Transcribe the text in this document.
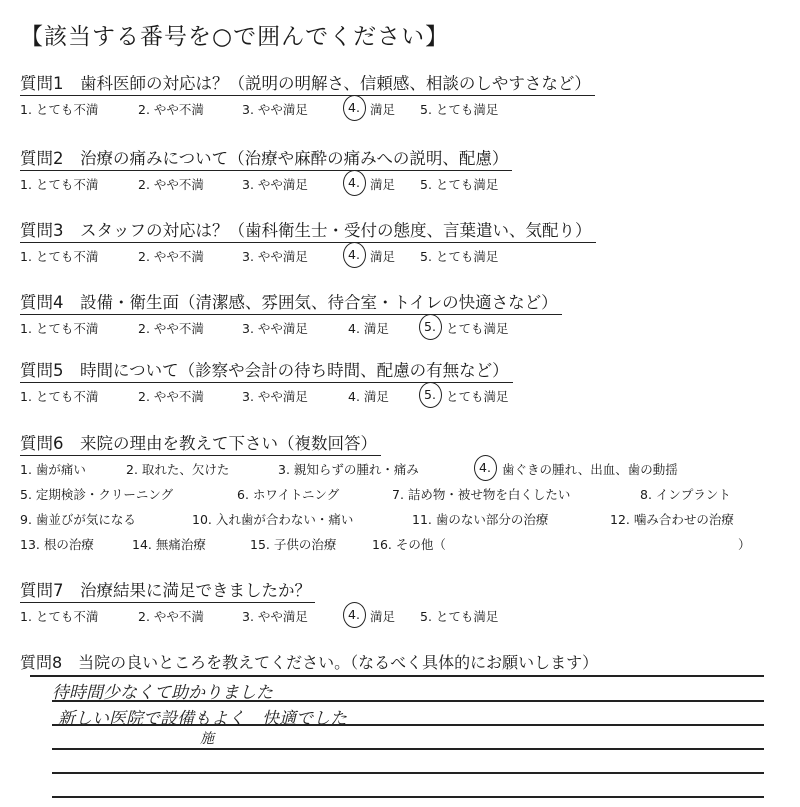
【該当する番号を○で囲んでください】
質問1　歯科医師の対応は？（説明の明解さ、信頼感、相談のしやすさなど）
1. とても不満	2. やや不満	3. やや満足	4. 満足 5. とても満足
質問2　治療の痛みについて（治療や麻酔の痛みへの説明、配慮）
1. とても不満	2. やや不満	3. やや満足	4. 満足 5. とても満足
質問3　スタッフの対応は？（歯科衛生士・受付の態度、言葉遣い、気配り）
1. とても不満	2. やや不満	3. やや満足	4. 満足 5. とても満足
質問4　設備・衛生面（清潔感、雰囲気、待合室・トイレの快適さなど）
1. とても不満	2. やや不満	3. やや満足	4. 満足	5. とても満足
質問5　時間について（診察や会計の待ち時間、配慮の有無など）
1. とても不満	2. やや不満	3. やや満足	4. 満足	5. とても満足
質問6　来院の理由を教えて下さい（複数回答）
1. 歯が痛い	2. 取れた、欠けた	3. 親知らずの腫れ・痛み	4. 歯ぐきの腫れ、出血、歯の動揺
5. 定期検診・クリーニング	6. ホワイトニング	7. 詰め物・被せ物を白くしたい	8. インプラント
9. 歯並びが気になる	10. 入れ歯が合わない・痛い	11. 歯のない部分の治療	12. 噛み合わせの治療
13. 根の治療	14. 無痛治療	15. 子供の治療	16. その他（	）
質問7　治療結果に満足できましたか？
1. とても不満	2. やや不満	3. やや満足	4. 満足 5. とても満足
質問8　当院の良いところを教えてください。（なるべく具体的にお願いします）
待時間少なくて助かりました
新しい医院で設備もよく　快適でした
施
